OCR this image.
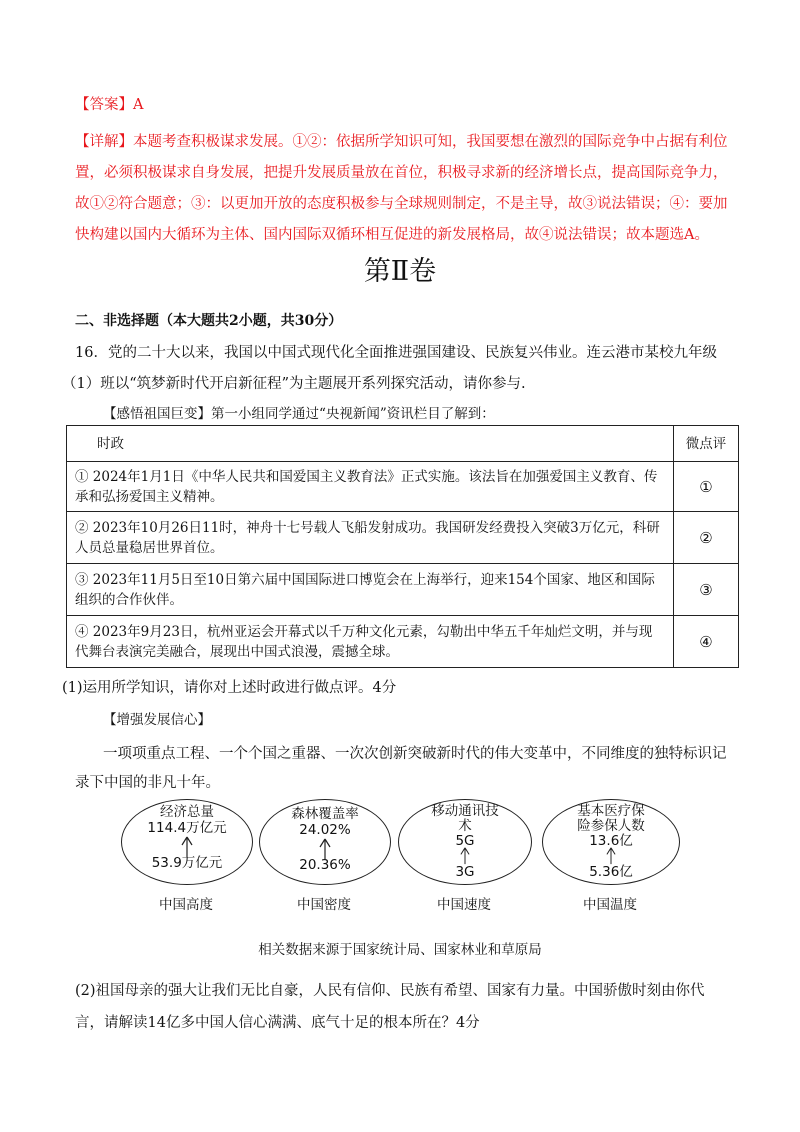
【答案】A
【详解】本题考查积极谋求发展。①②：依据所学知识可知，我国要想在激烈的国际竞争中占据有利位置，必须积极谋求自身发展，把提升发展质量放在首位，积极寻求新的经济增长点，提高国际竞争力，故①②符合题意；③：以更加开放的态度积极参与全球规则制定，不是主导，故③说法错误；④：要加快构建以国内大循环为主体、国内国际双循环相互促进的新发展格局，故④说法错误；故本题选A。
第Ⅱ卷
二、非选择题（本大题共2小题，共30分）
16．党的二十大以来，我国以中国式现代化全面推进强国建设、民族复兴伟业。连云港市某校九年级
（1）班以“筑梦新时代开启新征程”为主题展开系列探究活动，请你参与.
【感悟祖国巨变】第一小组同学通过“央视新闻”资讯栏目了解到：
时政	微点评
① 2024年1月1日《中华人民共和国爱国主义教育法》正式实施。该法旨在加强爱国主义教育、传承和弘扬爱国主义精神。	①
② 2023年10月26日11时，神舟十七号载人飞船发射成功。我国研发经费投入突破3万亿元，科研人员总量稳居世界首位。	②
③ 2023年11月5日至10日第六届中国国际进口博览会在上海举行，迎来154个国家、地区和国际组织的合作伙伴。	③
④ 2023年9月23日，杭州亚运会开幕式以千万种文化元素，勾勒出中华五千年灿烂文明，并与现代舞台表演完美融合，展现出中国式浪漫，震撼全球。	④
(1)运用所学知识，请你对上述时政进行做点评。4分
【增强发展信心】
一项项重点工程、一个个国之重器、一次次创新突破新时代的伟大变革中，不同维度的独特标识记录下中国的非凡十年。
经济总量
114.4万亿元
53.9万亿元
中国高度
森林覆盖率
24.02%
20.36%
中国密度
移动通讯技
术
5G
3G
中国速度
基本医疗保
险参保人数
13.6亿
5.36亿
中国温度
相关数据来源于国家统计局、国家林业和草原局
(2)祖国母亲的强大让我们无比自豪，人民有信仰、民族有希望、国家有力量。中国骄傲时刻由你代言，请解读14亿多中国人信心满满、底气十足的根本所在？4分
